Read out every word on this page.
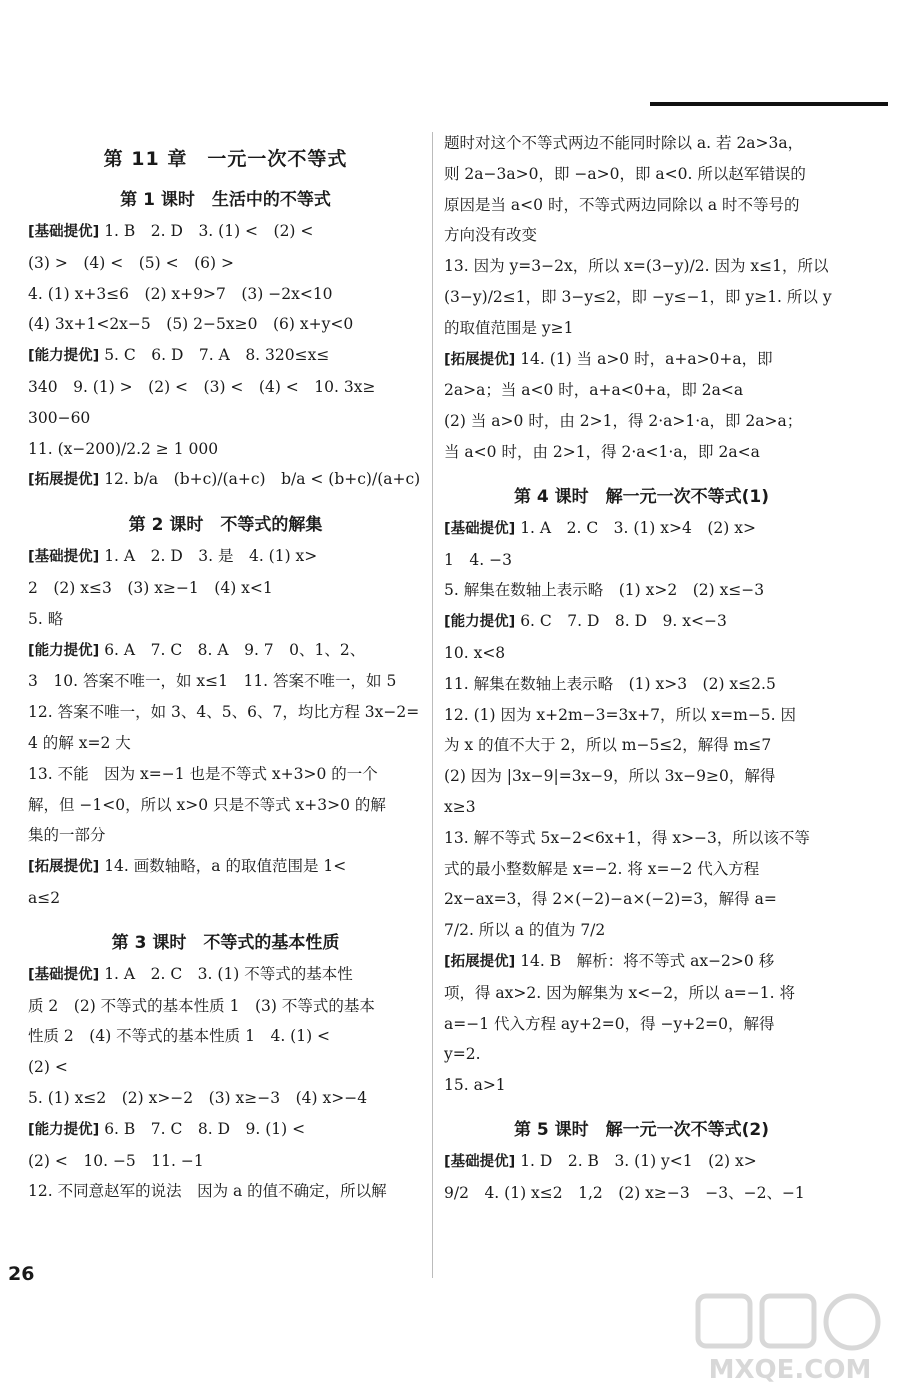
第 11 章　一元一次不等式
第 1 课时　生活中的不等式
[基础提优] 1. B　2. D　3. (1) <　(2) <
(3) >　(4) <　(5) <　(6) >
4. (1) x+3≤6　(2) x+9>7　(3) −2x<10
(4) 3x+1<2x−5　(5) 2−5x≥0　(6) x+y<0
[能力提优] 5. C　6. D　7. A　8. 320≤x≤
340　9. (1) >　(2) <　(3) <　(4) <　10. 3x≥
300−60
11. (x−200)/2.2 ≥ 1 000
[拓展提优] 12. b/a　(b+c)/(a+c)　b/a < (b+c)/(a+c)
第 2 课时　不等式的解集
[基础提优] 1. A　2. D　3. 是　4. (1) x>
2　(2) x≤3　(3) x≥−1　(4) x<1
5. 略
[能力提优] 6. A　7. C　8. A　9. 7　0、1、2、
3　10. 答案不唯一，如 x≤1　11. 答案不唯一，如 5
12. 答案不唯一，如 3、4、5、6、7，均比方程 3x−2=
4 的解 x=2 大
13. 不能　因为 x=−1 也是不等式 x+3>0 的一个
解，但 −1<0，所以 x>0 只是不等式 x+3>0 的解
集的一部分
[拓展提优] 14. 画数轴略，a 的取值范围是 1<
a≤2
第 3 课时　不等式的基本性质
[基础提优] 1. A　2. C　3. (1) 不等式的基本性
质 2　(2) 不等式的基本性质 1　(3) 不等式的基本
性质 2　(4) 不等式的基本性质 1　4. (1) <
(2) <
5. (1) x≤2　(2) x>−2　(3) x≥−3　(4) x>−4
[能力提优] 6. B　7. C　8. D　9. (1) <
(2) <　10. −5　11. −1
12. 不同意赵军的说法　因为 a 的值不确定，所以解
题时对这个不等式两边不能同时除以 a. 若 2a>3a，
则 2a−3a>0，即 −a>0，即 a<0. 所以赵军错误的
原因是当 a<0 时，不等式两边同除以 a 时不等号的
方向没有改变
13. 因为 y=3−2x，所以 x=(3−y)/2. 因为 x≤1，所以
(3−y)/2≤1，即 3−y≤2，即 −y≤−1，即 y≥1. 所以 y
的取值范围是 y≥1
[拓展提优] 14. (1) 当 a>0 时，a+a>0+a，即
2a>a；当 a<0 时，a+a<0+a，即 2a<a
(2) 当 a>0 时，由 2>1，得 2·a>1·a，即 2a>a；
当 a<0 时，由 2>1，得 2·a<1·a，即 2a<a
第 4 课时　解一元一次不等式(1)
[基础提优] 1. A　2. C　3. (1) x>4　(2) x>
1　4. −3
5. 解集在数轴上表示略　(1) x>2　(2) x≤−3
[能力提优] 6. C　7. D　8. D　9. x<−3
10. x<8
11. 解集在数轴上表示略　(1) x>3　(2) x≤2.5
12. (1) 因为 x+2m−3=3x+7，所以 x=m−5. 因
为 x 的值不大于 2，所以 m−5≤2，解得 m≤7
(2) 因为 |3x−9|=3x−9，所以 3x−9≥0，解得
x≥3
13. 解不等式 5x−2<6x+1，得 x>−3，所以该不等
式的最小整数解是 x=−2. 将 x=−2 代入方程
2x−ax=3，得 2×(−2)−a×(−2)=3，解得 a=
7/2. 所以 a 的值为 7/2
[拓展提优] 14. B　解析：将不等式 ax−2>0 移
项，得 ax>2. 因为解集为 x<−2，所以 a=−1. 将
a=−1 代入方程 ay+2=0，得 −y+2=0，解得
y=2.
15. a>1
第 5 课时　解一元一次不等式(2)
[基础提优] 1. D　2. B　3. (1) y<1　(2) x>
9/2　4. (1) x≤2　1,2　(2) x≥−3　−3、−2、−1
26
MXQE.COM
